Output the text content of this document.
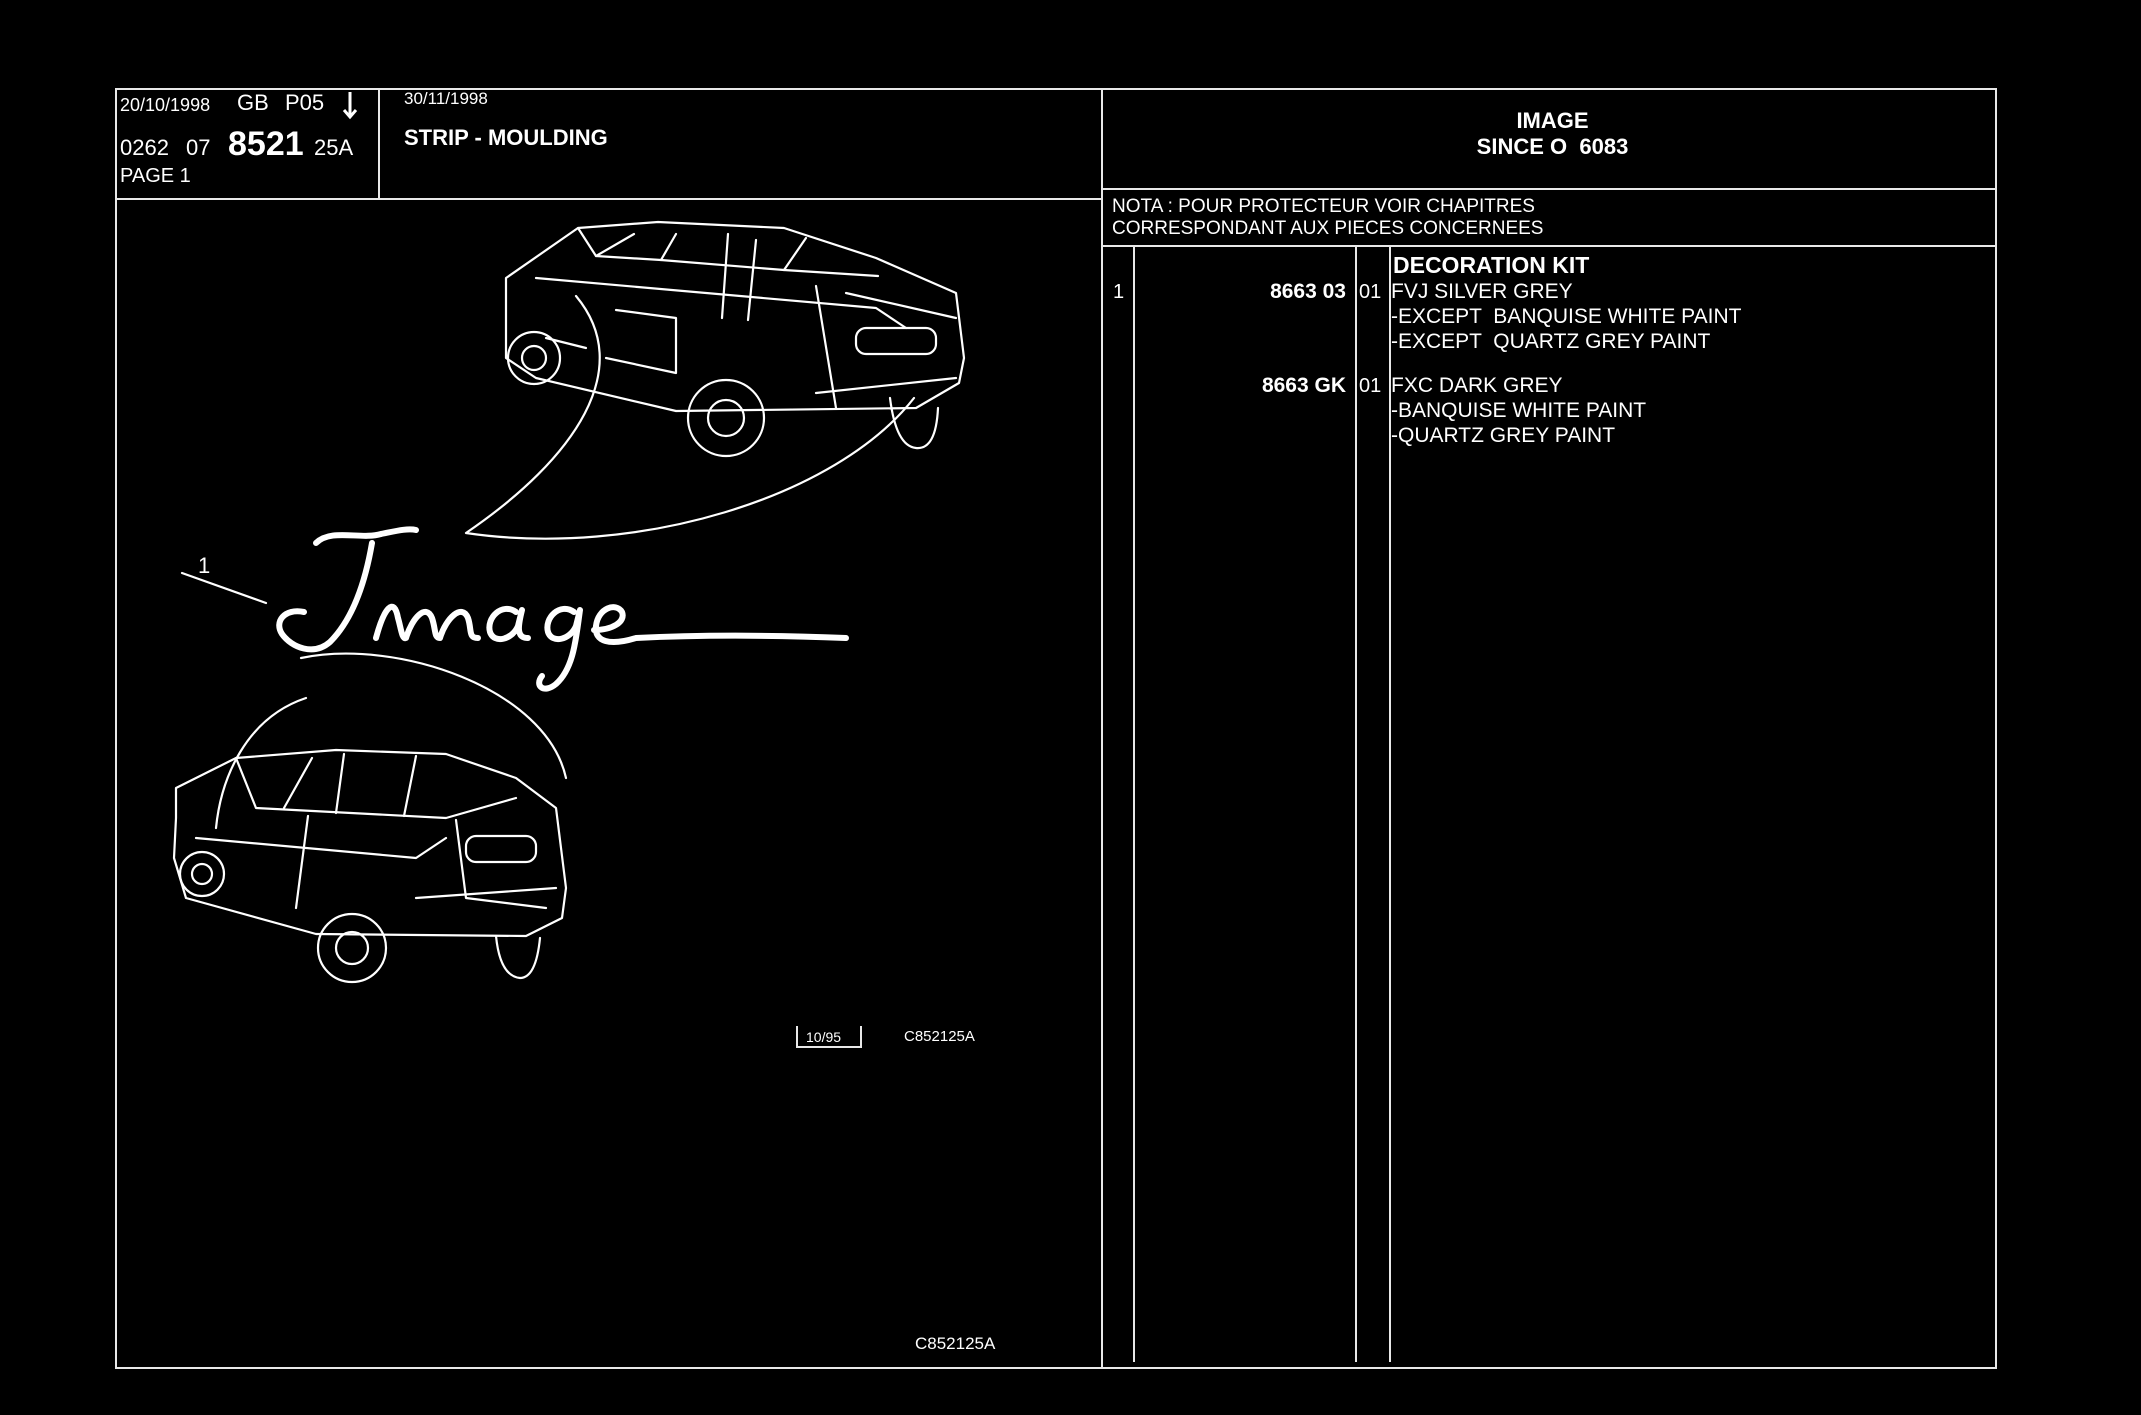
20/10/1998 GB P05
0262 07 8521 25A
PAGE 1
30/11/1998
STRIP - MOULDING
IMAGE
SINCE O  6083
NOTA : POUR PROTECTEUR VOIR CHAPITRES
CORRESPONDANT AUX PIECES CONCERNEES
DECORATION KIT
1	8663 03 01 FVJ SILVER GREY
-EXCEPT  BANQUISE WHITE PAINT
-EXCEPT  QUARTZ GREY PAINT
8663 GK 01 FXC DARK GREY
-BANQUISE WHITE PAINT
-QUARTZ GREY PAINT
1
10/95	C852125A
C852125A
